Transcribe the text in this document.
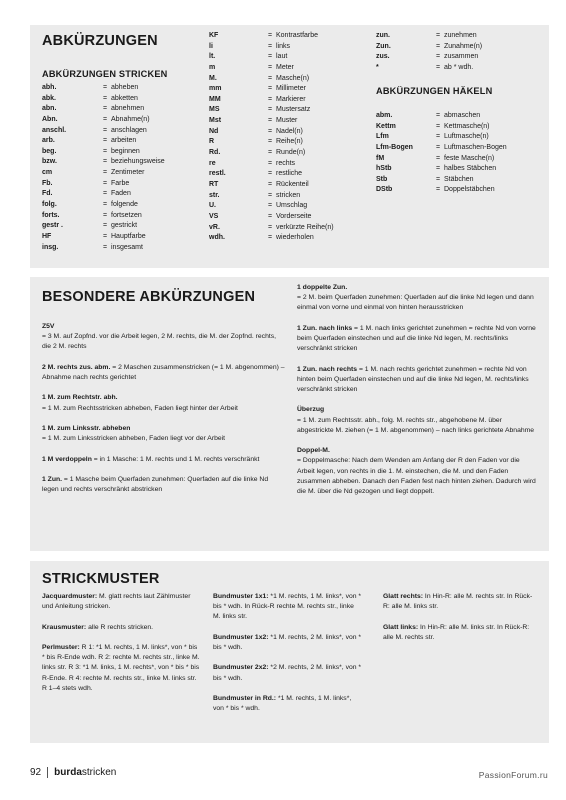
ABKÜRZUNGEN
ABKÜRZUNGEN STRICKEN
abh.	= abheben
abk.	= abketten
abn.	= abnehmen
Abn.	= Abnahme(n)
anschl.	= anschlagen
arb.	= arbeiten
beg.	= beginnen
bzw.	= beziehungsweise
cm	= Zentimeter
Fb.	= Farbe
Fd.	= Faden
folg.	= folgende
forts.	= fortsetzen
gestr .	= gestrickt
HF	= Hauptfarbe
insg.	= insgesamt
KF	= Kontrastfarbe
li	= links
lt.	= laut
m	= Meter
M.	= Masche(n)
mm	= Millimeter
MM	= Markierer
MS	= Mustersatz
Mst	= Muster
Nd	= Nadel(n)
R	= Reihe(n)
Rd.	= Runde(n)
re	= rechts
restl.	= restliche
RT	= Rückenteil
str.	= stricken
U.	= Umschlag
VS	= Vorderseite
vR.	= verkürzte Reihe(n)
wdh.	= wiederholen
zun.	= zunehmen
Zun.	= Zunahme(n)
zus.	= zusammen
*	= ab * wdh.
ABKÜRZUNGEN HÄKELN
abm.	= abmaschen
Kettm	= Kettmasche(n)
Lfm	= Luftmasche(n)
Lfm-Bogen	= Luftmaschen-Bogen
fM	= feste Masche(n)
hStb	= halbes Stäbchen
Stb	= Stäbchen
DStb	= Doppelstäbchen
BESONDERE ABKÜRZUNGEN

Z5V
= 3 M. auf Zopfnd. vor die Arbeit legen, 2 M. rechts, die M. der Zopfnd. rechts, die 2 M. rechts

2 M. rechts zus. abm. = 2 Maschen zusammenstricken (= 1 M. abgenommen) – Abnahme nach rechts gerichtet

1 M. zum Rechtstr. abh.
= 1 M. zum Rechtsstricken abheben, Faden liegt hinter der Arbeit

1 M. zum Linksstr. abheben
= 1 M. zum Linksstricken abheben, Faden liegt vor der Arbeit

1 M verdoppeln = in 1 Masche: 1 M. rechts und 1 M. rechts verschränkt

1 Zun. = 1 Masche beim Querfaden zunehmen: Querfaden auf die linke Nd legen und rechts verschränkt abstricken

1 doppelte Zun.
= 2 M. beim Querfaden zunehmen: Querfaden auf die linke Nd legen und dann einmal von vorne und einmal von hinten herausstricken

1 Zun. nach links = 1 M. nach links gerichtet zunehmen = rechte Nd von vorne beim Querfaden einstechen und auf die linke Nd legen, M. rechts/links verschränkt stricken

1 Zun. nach rechts = 1 M. nach rechts gerichtet zunehmen = rechte Nd von hinten beim Querfaden einstechen und auf die linke Nd legen, M. rechts/links verschränkt stricken

Überzug
= 1 M. zum Rechtsstr. abh., folg. M. rechts str., abgehobene M. über abgestrickte M. ziehen (= 1 M. abgenommen) – nach links gerichtete Abnahme

Doppel-M.
= Doppelmasche: Nach dem Wenden am Anfang der R den Faden vor die Arbeit legen, von rechts in die 1. M. einstechen, die M. und den Faden zusammen abheben. Danach den Faden fest nach hinten ziehen. Dadurch wird die M. über die Nd gezogen und liegt doppelt.

STRICKMUSTER

Jacquardmuster: M. glatt rechts laut Zählmuster und Anleitung stricken.

Krausmuster: alle R rechts stricken.

Perlmuster: R 1: *1 M. rechts, 1 M. links*, von * bis * bis R-Ende wdh. R 2: rechte M. rechts str., linke M. links str. R 3: *1 M. links, 1 M. rechts*, von * bis * bis R-Ende. R 4: rechte M. rechts str., linke M. links str. R 1–4 stets wdh.

Bundmuster 1x1: *1 M. rechts, 1 M. links*, von * bis * wdh. In Rück-R rechte M. rechts str., linke M. links str.

Bundmuster 1x2: *1 M. rechts, 2 M. links*, von * bis * wdh.

Bundmuster 2x2: *2 M. rechts, 2 M. links*, von * bis * wdh.

Bundmuster in Rd.: *1 M. rechts, 1 M. links*, von * bis * wdh.

Glatt rechts: In Hin-R: alle M. rechts str. In Rück-R: alle M. links str.

Glatt links: In Hin-R: alle M. links str. In Rück-R: alle M. rechts str.

92 burda stricken	PassionForum.ru
